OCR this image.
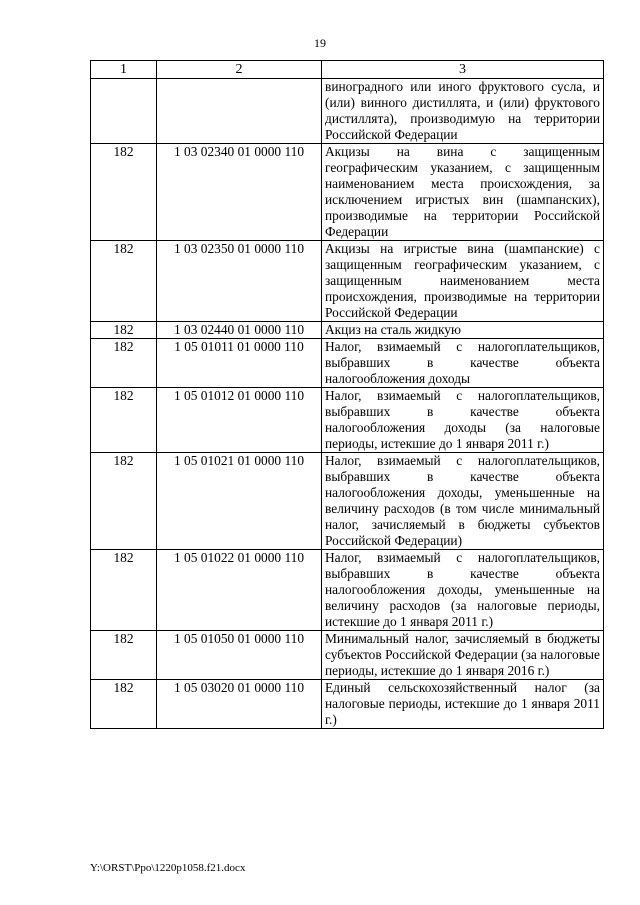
19
1	2	3
		виноградного или иного фруктового сусла, и (или) винного дистиллята, и (или) фруктового дистиллята), производимую на территории Российской Федерации
182	1 03 02340 01 0000 110	Акцизы на вина с защищенным географическим указанием, с защищенным наименованием места происхождения, за исключением игристых вин (шампанских), производимые на территории Российской Федерации
182	1 03 02350 01 0000 110	Акцизы на игристые вина (шампанские) с защищенным географическим указанием, с защищенным наименованием места происхождения, производимые на территории Российской Федерации
182	1 03 02440 01 0000 110	Акциз на сталь жидкую
182	1 05 01011 01 0000 110	Налог, взимаемый с налогоплательщиков, выбравших в качестве объекта налогообложения доходы
182	1 05 01012 01 0000 110	Налог, взимаемый с налогоплательщиков, выбравших в качестве объекта налогообложения доходы (за налоговые периоды, истекшие до 1 января 2011 г.)
182	1 05 01021 01 0000 110	Налог, взимаемый с налогоплательщиков, выбравших в качестве объекта налогообложения доходы, уменьшенные на величину расходов (в том числе минимальный налог, зачисляемый в бюджеты субъектов Российской Федерации)
182	1 05 01022 01 0000 110	Налог, взимаемый с налогоплательщиков, выбравших в качестве объекта налогообложения доходы, уменьшенные на величину расходов (за налоговые периоды, истекшие до 1 января 2011 г.)
182	1 05 01050 01 0000 110	Минимальный налог, зачисляемый в бюджеты субъектов Российской Федерации (за налоговые периоды, истекшие до 1 января 2016 г.)
182	1 05 03020 01 0000 110	Единый сельскохозяйственный налог (за налоговые периоды, истекшие до 1 января 2011 г.)
Y:\ORST\Ppo\1220p1058.f21.docx
